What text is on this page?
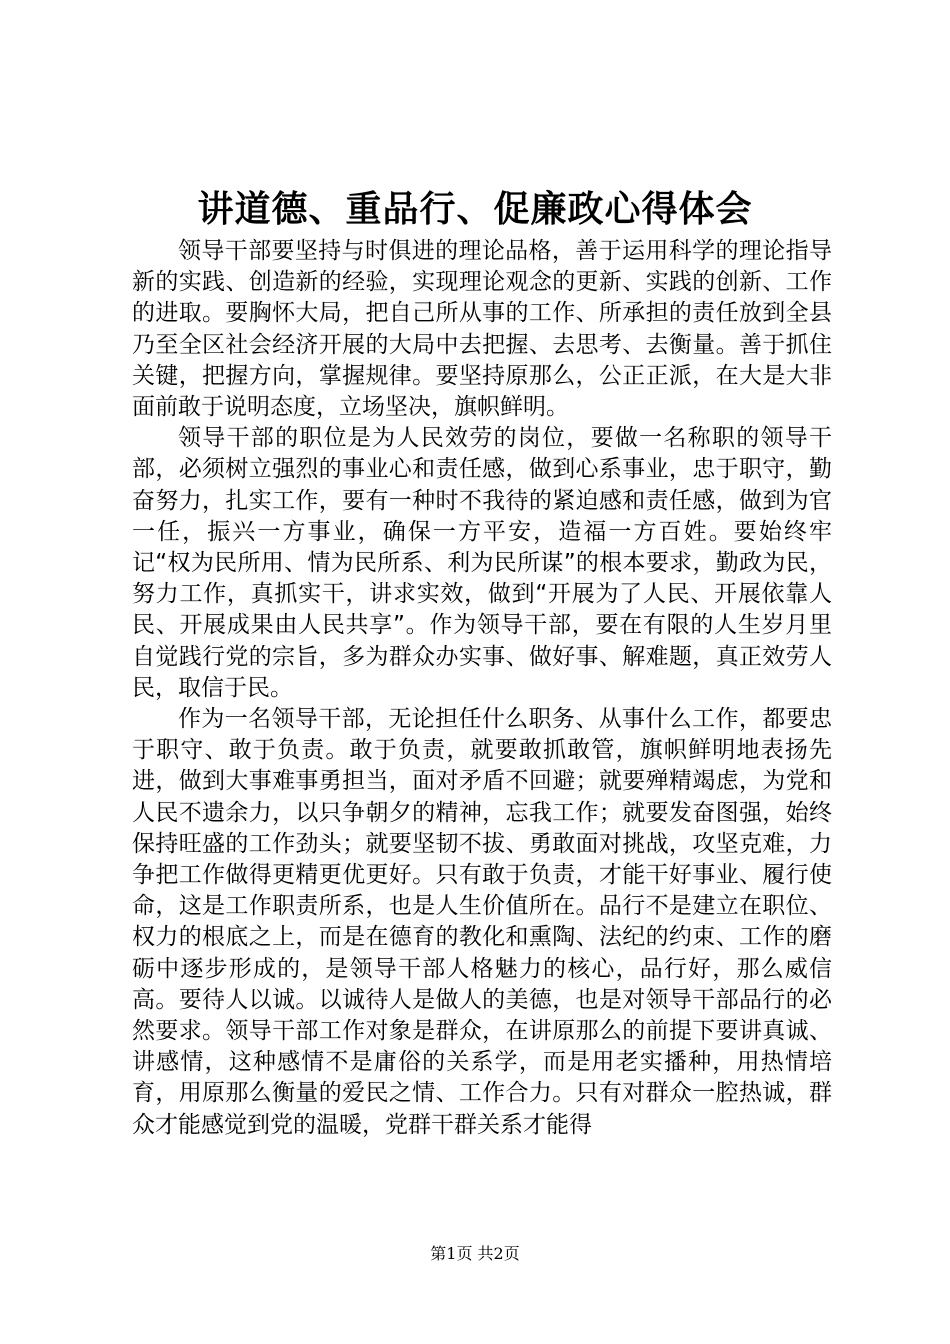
讲道德、重品行、促廉政心得体会

领导干部要坚持与时俱进的理论品格，善于运用科学的理论指导新的实践、创造新的经验，实现理论观念的更新、实践的创新、工作的进取。要胸怀大局，把自己所从事的工作、所承担的责任放到全县乃至全区社会经济开展的大局中去把握、去思考、去衡量。善于抓住关键，把握方向，掌握规律。要坚持原那么，公正正派，在大是大非面前敢于说明态度，立场坚决，旗帜鲜明。

领导干部的职位是为人民效劳的岗位，要做一名称职的领导干部，必须树立强烈的事业心和责任感，做到心系事业，忠于职守，勤奋努力，扎实工作，要有一种时不我待的紧迫感和责任感，做到为官一任，振兴一方事业，确保一方平安，造福一方百姓。要始终牢记“权为民所用、情为民所系、利为民所谋”的根本要求，勤政为民，努力工作，真抓实干，讲求实效，做到“开展为了人民、开展依靠人民、开展成果由人民共享”。作为领导干部，要在有限的人生岁月里自觉践行党的宗旨，多为群众办实事、做好事、解难题，真正效劳人民，取信于民。

作为一名领导干部，无论担任什么职务、从事什么工作，都要忠于职守、敢于负责。敢于负责，就要敢抓敢管，旗帜鲜明地表扬先进，做到大事难事勇担当，面对矛盾不回避；就要殚精竭虑，为党和人民不遗余力，以只争朝夕的精神，忘我工作；就要发奋图强，始终保持旺盛的工作劲头；就要坚韧不拔、勇敢面对挑战，攻坚克难，力争把工作做得更精更优更好。只有敢于负责，才能干好事业、履行使命，这是工作职责所系，也是人生价值所在。品行不是建立在职位、权力的根底之上，而是在德育的教化和熏陶、法纪的约束、工作的磨砺中逐步形成的，是领导干部人格魅力的核心，品行好，那么威信高。要待人以诚。以诚待人是做人的美德，也是对领导干部品行的必然要求。领导干部工作对象是群众，在讲原那么的前提下要讲真诚、讲感情，这种感情不是庸俗的关系学，而是用老实播种，用热情培育，用原那么衡量的爱民之情、工作合力。只有对群众一腔热诚，群众才能感觉到党的温暖，党群干群关系才能得

第1页 共2页
